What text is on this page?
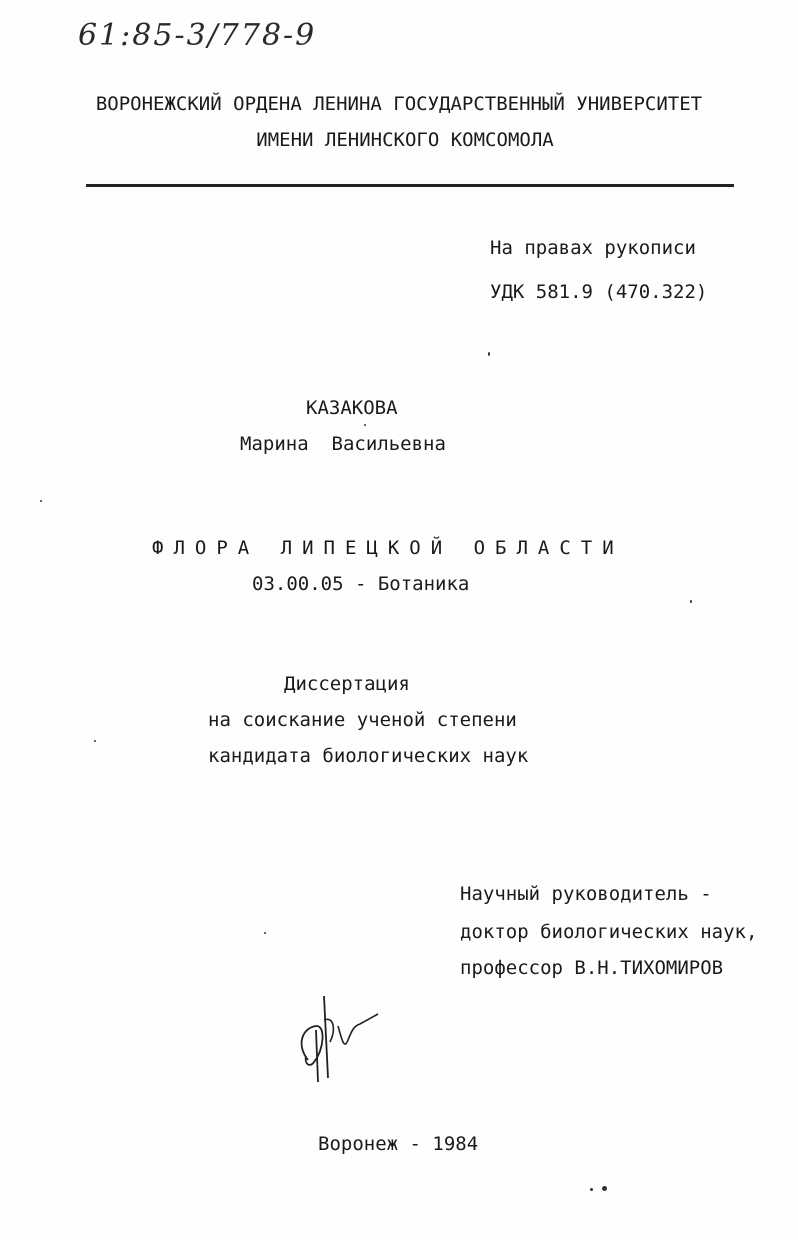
61:85-3/778-9
ВОРОНЕЖСКИЙ ОРДЕНА ЛЕНИНА ГОСУДАРСТВЕННЫЙ УНИВЕРСИТЕТ
ИМЕНИ ЛЕНИНСКОГО КОМСОМОЛА
На правах рукописи
УДК 581.9 (470.322)
КАЗАКОВА
Марина  Васильевна
ФЛОРА ЛИПЕЦКОЙ ОБЛАСТИ
03.00.05 - Ботаника
Диссертация
на соискание ученой степени
кандидата биологических наук
Научный руководитель -
доктор биологических наук,
профессор В.Н.ТИХОМИРОВ
Воронеж - 1984
